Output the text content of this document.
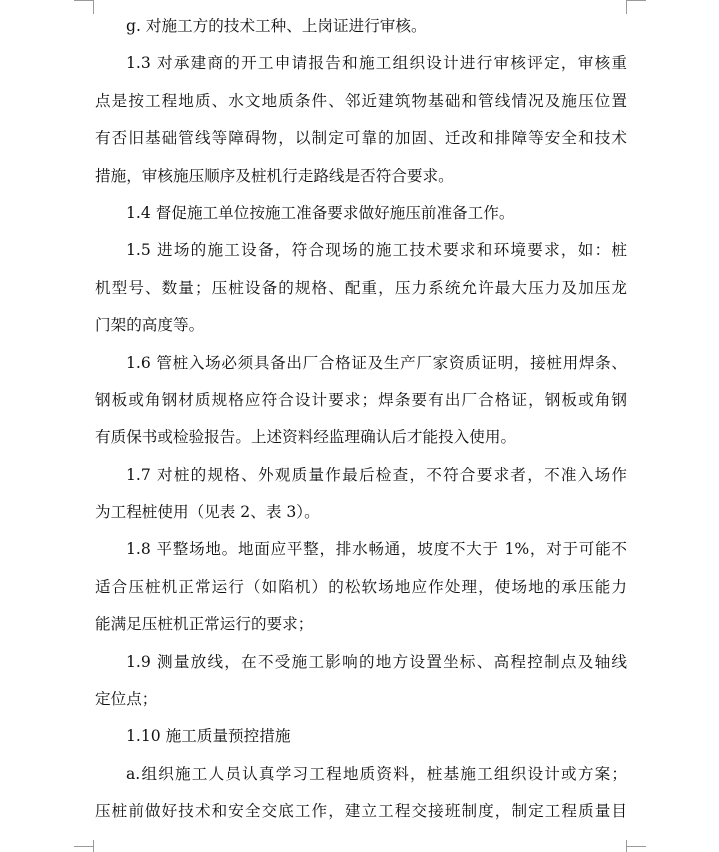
g. 对施工方的技术工种、上岗证进行审核。
1.3 对承建商的开工申请报告和施工组织设计进行审核评定，审核重
点是按工程地质、水文地质条件、邻近建筑物基础和管线情况及施压位置
有否旧基础管线等障碍物，以制定可靠的加固、迁改和排障等安全和技术
措施，审核施压顺序及桩机行走路线是否符合要求。
1.4 督促施工单位按施工准备要求做好施压前准备工作。
1.5 进场的施工设备，符合现场的施工技术要求和环境要求，如：桩
机型号、数量；压桩设备的规格、配重，压力系统允许最大压力及加压龙
门架的高度等。
1.6 管桩入场必须具备出厂合格证及生产厂家资质证明，接桩用焊条、
钢板或角钢材质规格应符合设计要求；焊条要有出厂合格证，钢板或角钢
有质保书或检验报告。上述资料经监理确认后才能投入使用。
1.7 对桩的规格、外观质量作最后检查，不符合要求者，不准入场作
为工程桩使用（见表 2、表 3）。
1.8 平整场地。地面应平整，排水畅通，坡度不大于 1%，对于可能不
适合压桩机正常运行（如陷机）的松软场地应作处理，使场地的承压能力
能满足压桩机正常运行的要求；
1.9 测量放线，在不受施工影响的地方设置坐标、高程控制点及轴线
定位点；
1.10 施工质量预控措施
a.组织施工人员认真学习工程地质资料，桩基施工组织设计或方案；
压桩前做好技术和安全交底工作，建立工程交接班制度，制定工程质量目
